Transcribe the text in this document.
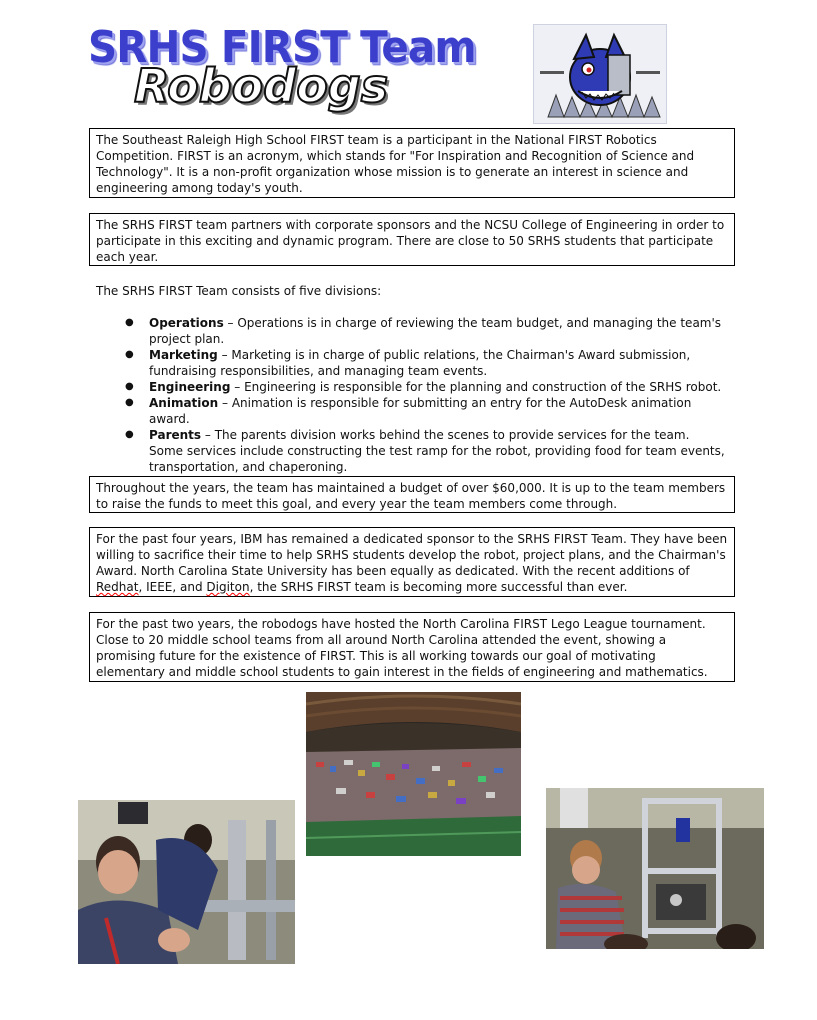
SRHS FIRST Team
Robodogs
The Southeast Raleigh High School FIRST team is a participant in the National FIRST Robotics Competition. FIRST is an acronym, which stands for "For Inspiration and Recognition of Science and Technology". It is a non-profit organization whose mission is to generate an interest in science and engineering among today's youth.
The SRHS FIRST team partners with corporate sponsors and the NCSU College of Engineering in order to participate in this exciting and dynamic program. There are close to 50 SRHS students that participate each year.
The SRHS FIRST Team consists of five divisions:
● Operations – Operations is in charge of reviewing the team budget, and managing the team's project plan.
● Marketing – Marketing is in charge of public relations, the Chairman's Award submission, fundraising responsibilities, and managing team events.
● Engineering – Engineering is responsible for the planning and construction of the SRHS robot.
● Animation – Animation is responsible for submitting an entry for the AutoDesk animation award.
● Parents – The parents division works behind the scenes to provide services for the team. Some services include constructing the test ramp for the robot, providing food for team events, transportation, and chaperoning.
Throughout the years, the team has maintained a budget of over $60,000. It is up to the team members to raise the funds to meet this goal, and every year the team members come through.
For the past four years, IBM has remained a dedicated sponsor to the SRHS FIRST Team. They have been willing to sacrifice their time to help SRHS students develop the robot, project plans, and the Chairman's Award. North Carolina State University has been equally as dedicated. With the recent additions of Redhat, IEEE, and Digiton, the SRHS FIRST team is becoming more successful than ever.
For the past two years, the robodogs have hosted the North Carolina FIRST Lego League tournament. Close to 20 middle school teams from all around North Carolina attended the event, showing a promising future for the existence of FIRST. This is all working towards our goal of motivating elementary and middle school students to gain interest in the fields of engineering and mathematics.
